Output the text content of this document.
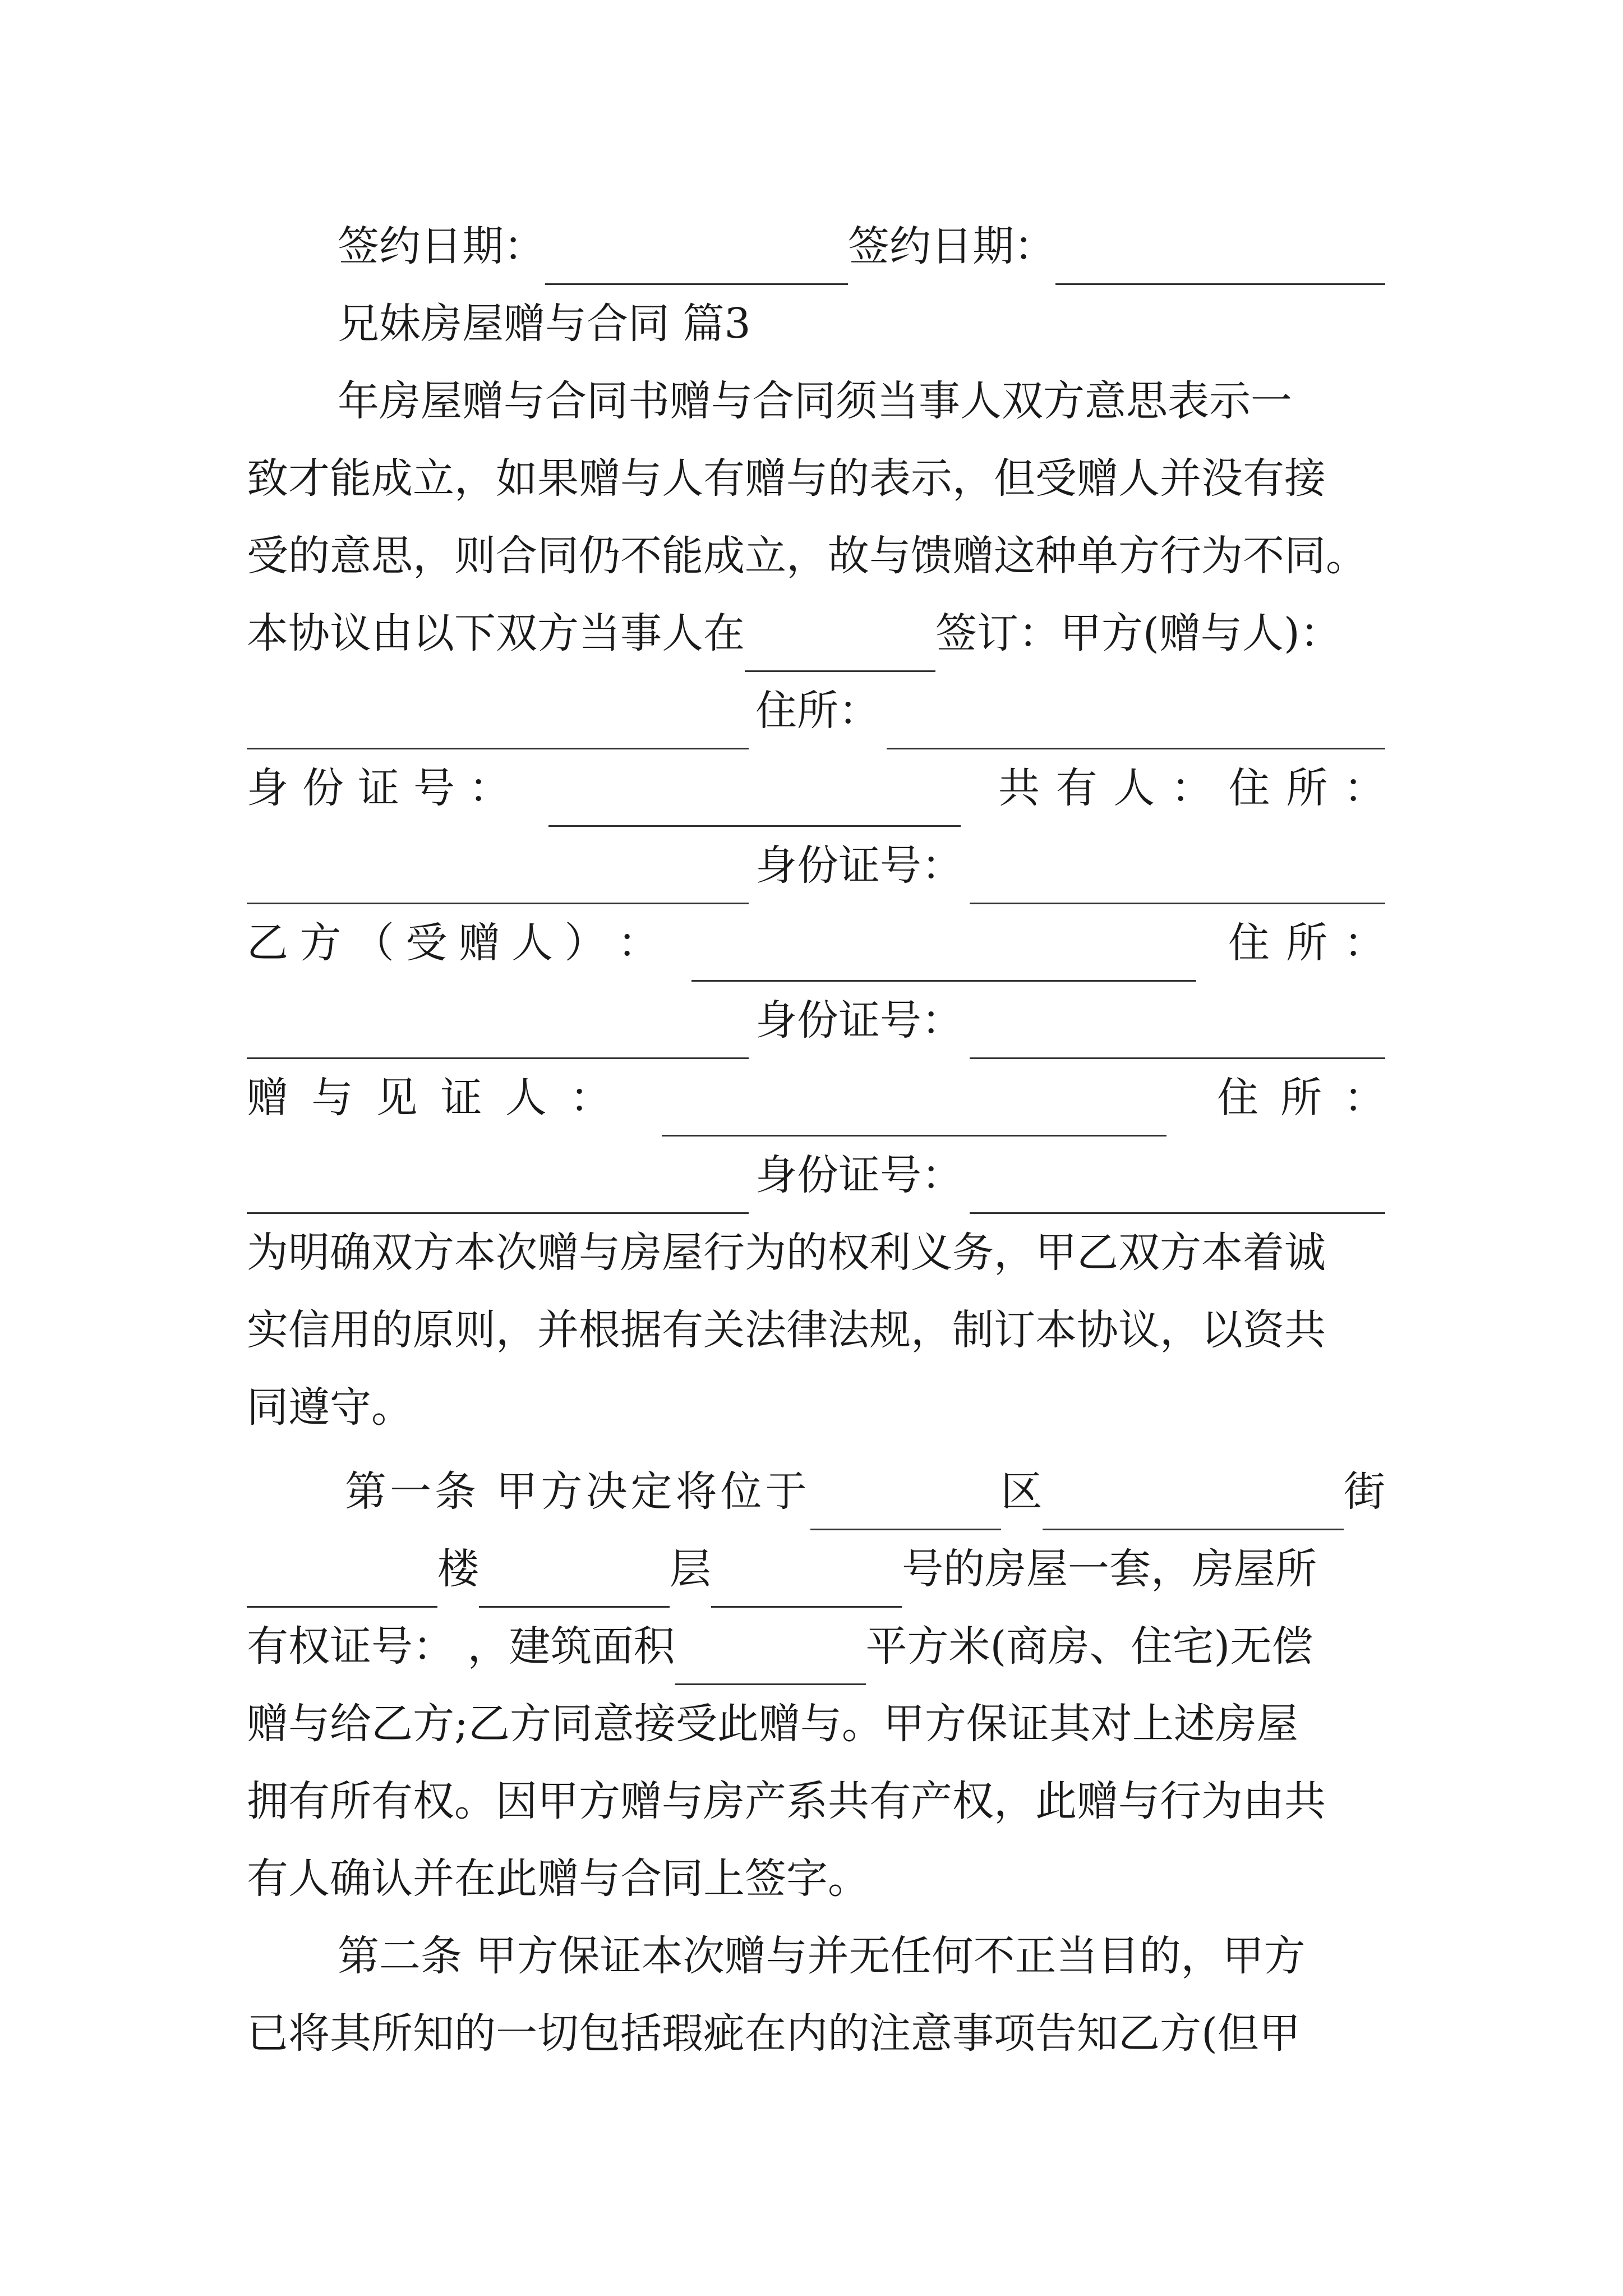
签约日期：	签约日期：
兄妹房屋赠与合同 篇3
年房屋赠与合同书赠与合同须当事人双方意思表示一
致才能成立，如果赠与人有赠与的表示，但受赠人并没有接
受的意思，则合同仍不能成立，故与馈赠这种单方行为不同。
本协议由以下双方当事人在	签订：甲方(赠与人)：
住所：
身 份 证 号 ：	共 有 人 ： 住 所 ：
身份证号：
乙 方 （ 受 赠 人 ） ：	住 所 ：
身份证号：
赠 与 见 证 人 ：	住 所 ：
身份证号：
为明确双方本次赠与房屋行为的权利义务，甲乙双方本着诚
实信用的原则，并根据有关法律法规，制订本协议，以资共
同遵守。
第一条 甲方决定将位于	区	街
楼	层	号的房屋一套，房屋所
有权证号： ，建筑面积	平方米(商房、住宅)无偿
赠与给乙方;乙方同意接受此赠与。甲方保证其对上述房屋
拥有所有权。因甲方赠与房产系共有产权，此赠与行为由共
有人确认并在此赠与合同上签字。
第二条 甲方保证本次赠与并无任何不正当目的，甲方
已将其所知的一切包括瑕疵在内的注意事项告知乙方(但甲
